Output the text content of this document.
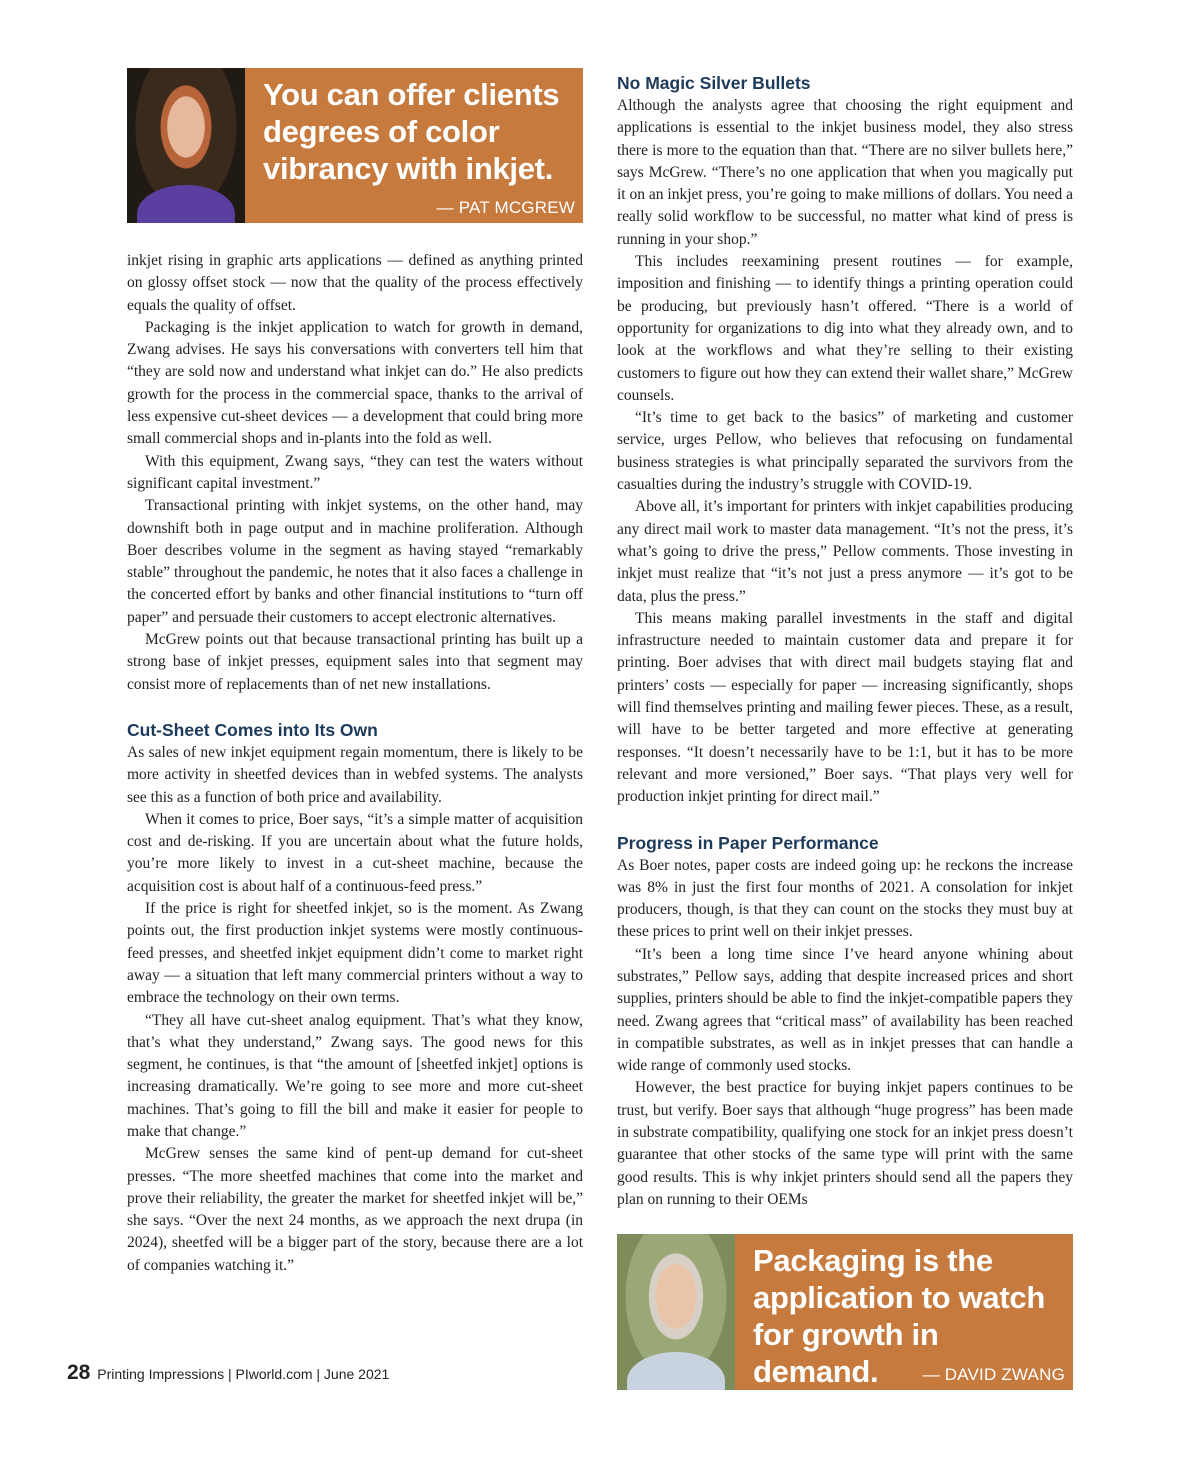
You can offer clients degrees of color vibrancy with inkjet.
— PAT MCGREW

inkjet rising in graphic arts applications — defined as anything printed on glossy offset stock — now that the quality of the process effectively equals the quality of offset.

Packaging is the inkjet application to watch for growth in demand, Zwang advises. He says his conversations with converters tell him that “they are sold now and understand what inkjet can do.” He also predicts growth for the process in the commercial space, thanks to the arrival of less expensive cut-sheet devices — a development that could bring more small commercial shops and in-plants into the fold as well.

With this equipment, Zwang says, “they can test the waters without significant capital investment.”

Transactional printing with inkjet systems, on the other hand, may downshift both in page output and in machine proliferation. Although Boer describes volume in the segment as having stayed “remarkably stable” throughout the pandemic, he notes that it also faces a challenge in the concerted effort by banks and other financial institutions to “turn off paper” and persuade their customers to accept electronic alternatives.

McGrew points out that because transactional printing has built up a strong base of inkjet presses, equipment sales into that segment may consist more of replacements than of net new installations.

Cut-Sheet Comes into Its Own

As sales of new inkjet equipment regain momentum, there is likely to be more activity in sheetfed devices than in webfed systems. The analysts see this as a function of both price and availability.

When it comes to price, Boer says, “it’s a simple matter of acquisition cost and de-risking. If you are uncertain about what the future holds, you’re more likely to invest in a cut-sheet machine, because the acquisition cost is about half of a continuous-feed press.”

If the price is right for sheetfed inkjet, so is the moment. As Zwang points out, the first production inkjet systems were mostly continuous-feed presses, and sheetfed inkjet equipment didn’t come to market right away — a situation that left many commercial printers without a way to embrace the technology on their own terms.

“They all have cut-sheet analog equipment. That’s what they know, that’s what they understand,” Zwang says. The good news for this segment, he continues, is that “the amount of [sheetfed inkjet] options is increasing dramatically. We’re going to see more and more cut-sheet machines. That’s going to fill the bill and make it easier for people to make that change.”

McGrew senses the same kind of pent-up demand for cut-sheet presses. “The more sheetfed machines that come into the market and prove their reliability, the greater the market for sheetfed inkjet will be,” she says. “Over the next 24 months, as we approach the next drupa (in 2024), sheetfed will be a bigger part of the story, because there are a lot of companies watching it.”

No Magic Silver Bullets

Although the analysts agree that choosing the right equipment and applications is essential to the inkjet business model, they also stress there is more to the equation than that. “There are no silver bullets here,” says McGrew. “There’s no one application that when you magically put it on an inkjet press, you’re going to make millions of dollars. You need a really solid workflow to be successful, no matter what kind of press is running in your shop.”

This includes reexamining present routines — for example, imposition and finishing — to identify things a printing operation could be producing, but previously hasn’t offered. “There is a world of opportunity for organizations to dig into what they already own, and to look at the workflows and what they’re selling to their existing customers to figure out how they can extend their wallet share,” McGrew counsels.

“It’s time to get back to the basics” of marketing and customer service, urges Pellow, who believes that refocusing on fundamental business strategies is what principally separated the survivors from the casualties during the industry’s struggle with COVID-19.

Above all, it’s important for printers with inkjet capabilities producing any direct mail work to master data management. “It’s not the press, it’s what’s going to drive the press,” Pellow comments. Those investing in inkjet must realize that “it’s not just a press anymore — it’s got to be data, plus the press.”

This means making parallel investments in the staff and digital infrastructure needed to maintain customer data and prepare it for printing. Boer advises that with direct mail budgets staying flat and printers’ costs — especially for paper — increasing significantly, shops will find themselves printing and mailing fewer pieces. These, as a result, will have to be better targeted and more effective at generating responses. “It doesn’t necessarily have to be 1:1, but it has to be more relevant and more versioned,” Boer says. “That plays very well for production inkjet printing for direct mail.”

Progress in Paper Performance

As Boer notes, paper costs are indeed going up: he reckons the increase was 8% in just the first four months of 2021. A consolation for inkjet producers, though, is that they can count on the stocks they must buy at these prices to print well on their inkjet presses.

“It’s been a long time since I’ve heard anyone whining about substrates,” Pellow says, adding that despite increased prices and short supplies, printers should be able to find the inkjet-compatible papers they need. Zwang agrees that “critical mass” of availability has been reached in compatible substrates, as well as in inkjet presses that can handle a wide range of commonly used stocks.

However, the best practice for buying inkjet papers continues to be trust, but verify. Boer says that although “huge progress” has been made in substrate compatibility, qualifying one stock for an inkjet press doesn’t guarantee that other stocks of the same type will print with the same good results. This is why inkjet printers should send all the papers they plan on running to their OEMs

Packaging is the application to watch for growth in demand.	— DAVID ZWANG
28 Printing Impressions | PIworld.com | June 2021
